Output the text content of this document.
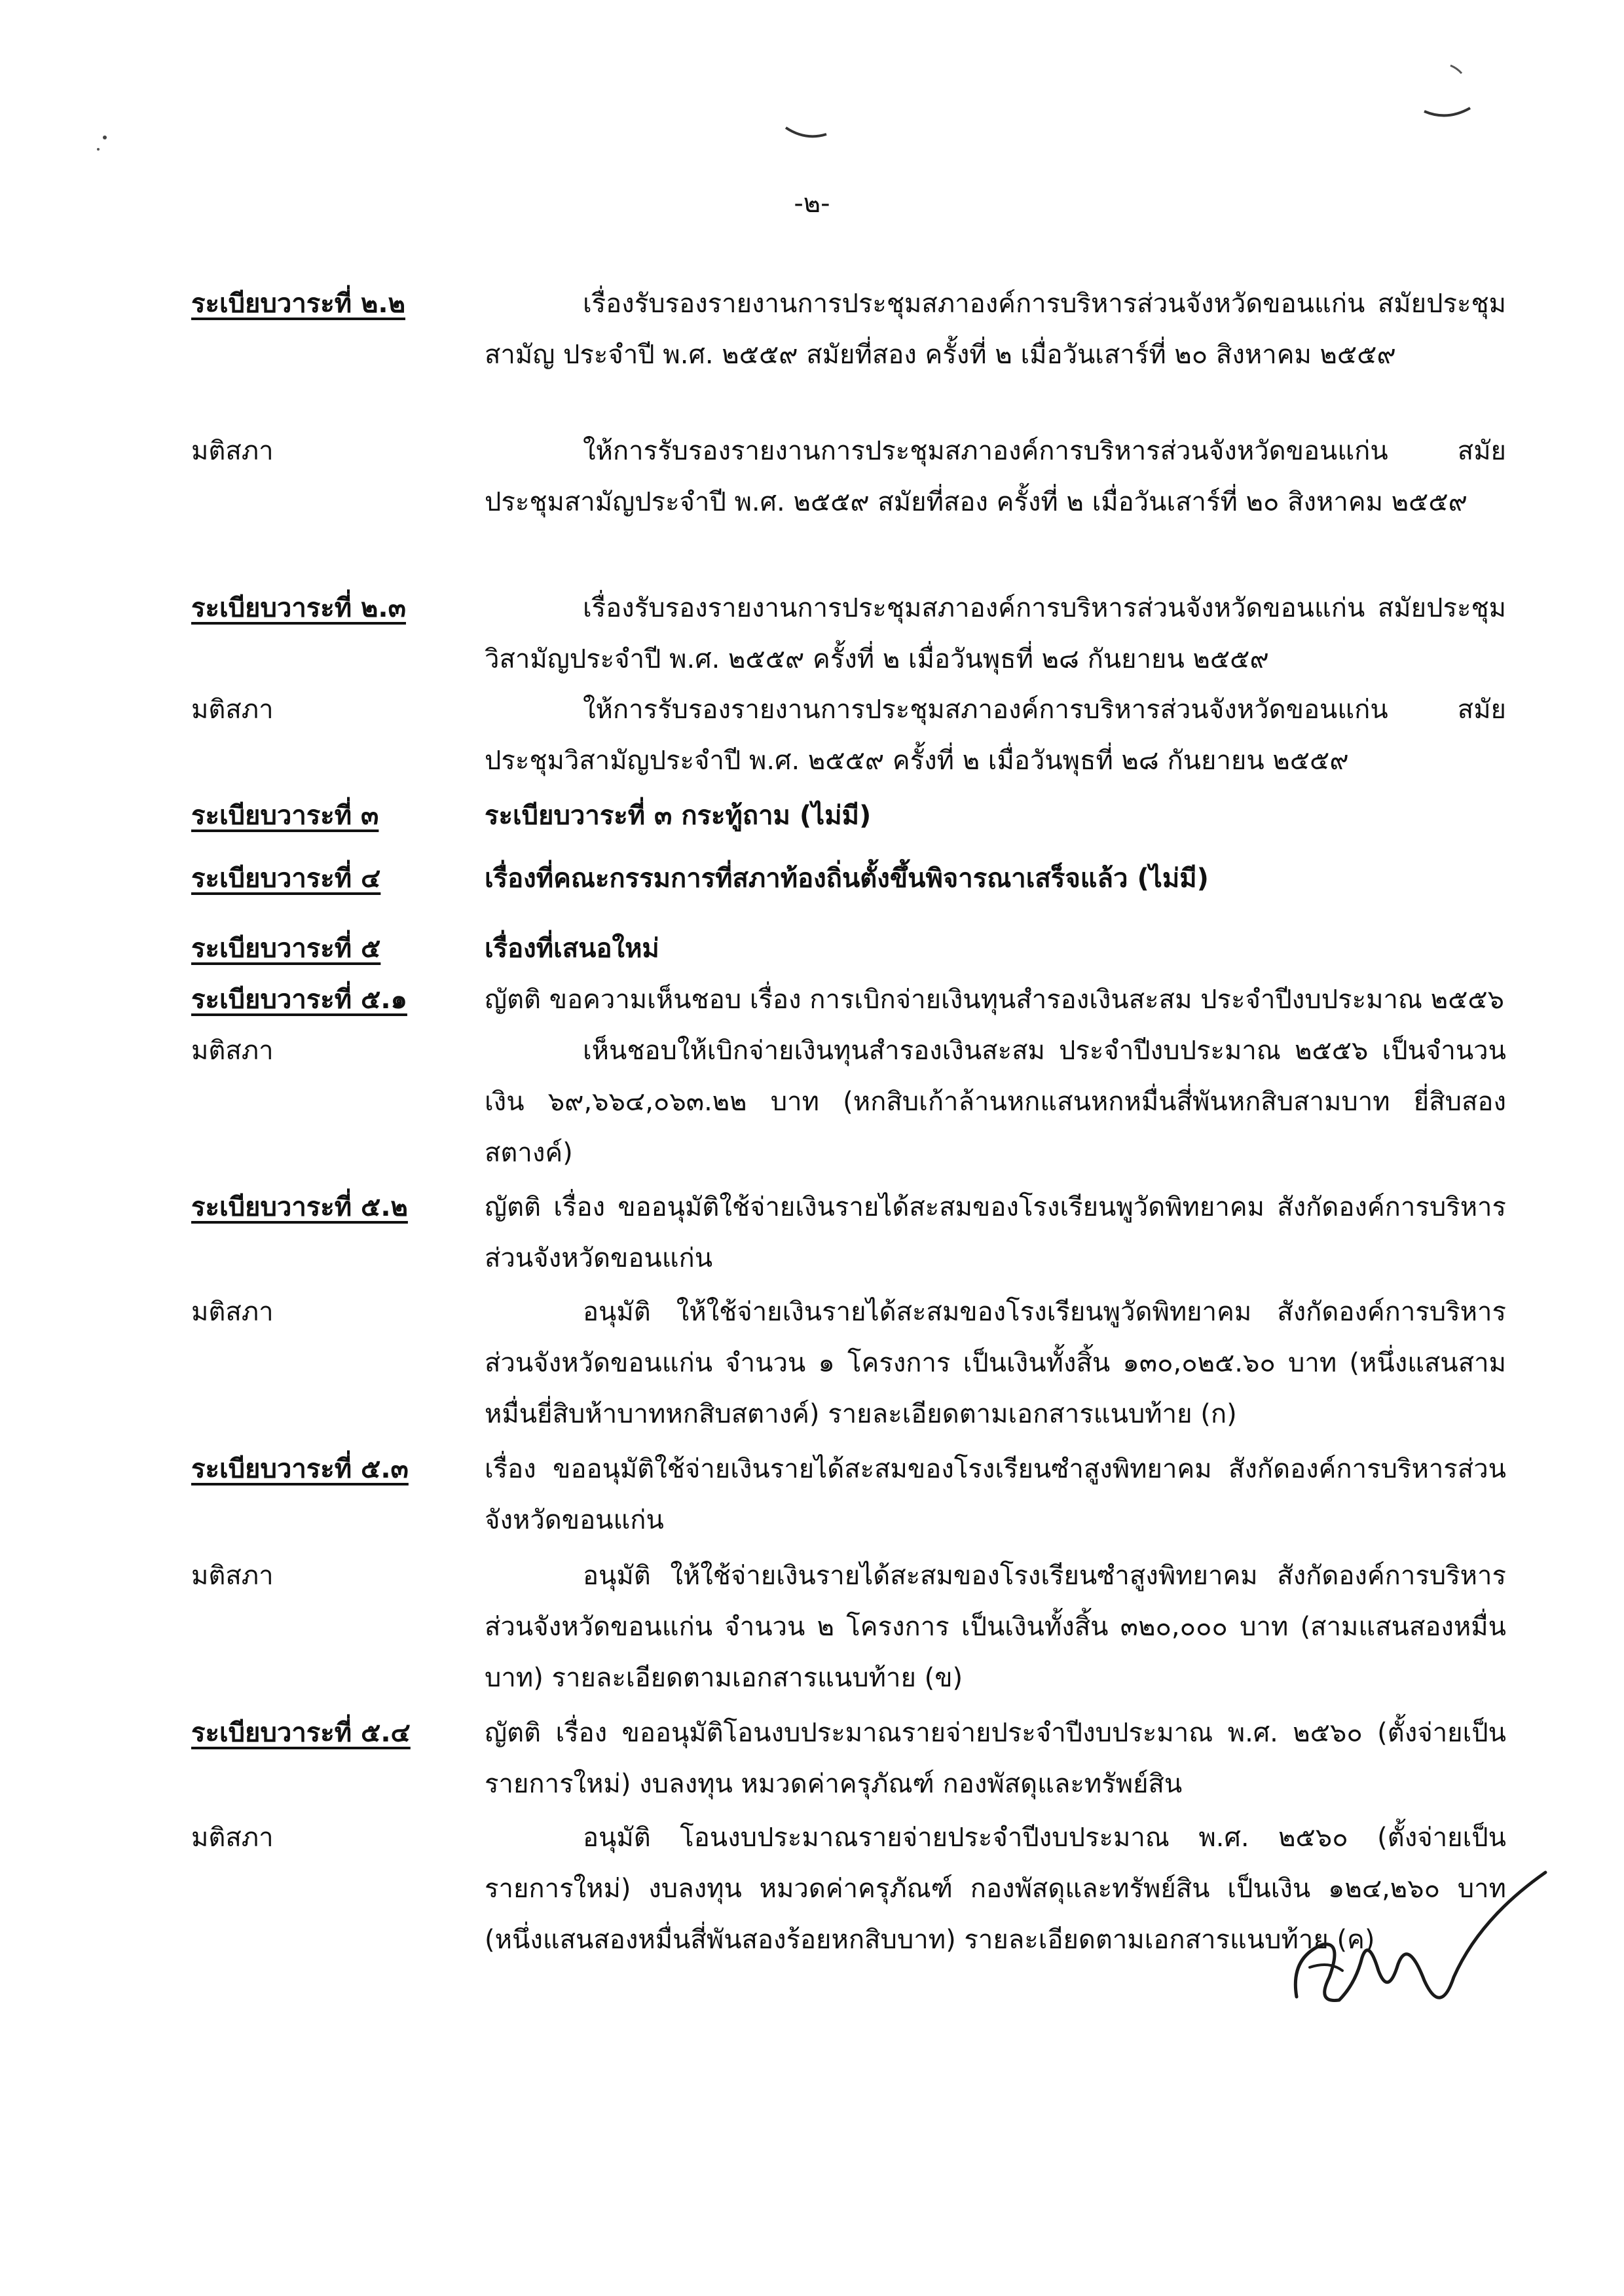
-๒-
ระเบียบวาระที่ ๒.๒	เรื่องรับรองรายงานการประชุมสภาองค์การบริหารส่วนจังหวัดขอนแก่น สมัยประชุมสามัญ ประจำปี พ.ศ. ๒๕๕๙ สมัยที่สอง ครั้งที่ ๒ เมื่อวันเสาร์ที่ ๒๐ สิงหาคม ๒๕๕๙
มติสภา	ให้การรับรองรายงานการประชุมสภาองค์การบริหารส่วนจังหวัดขอนแก่น สมัยประชุมสามัญประจำปี พ.ศ. ๒๕๕๙ สมัยที่สอง ครั้งที่ ๒ เมื่อวันเสาร์ที่ ๒๐ สิงหาคม ๒๕๕๙
ระเบียบวาระที่ ๒.๓	เรื่องรับรองรายงานการประชุมสภาองค์การบริหารส่วนจังหวัดขอนแก่น สมัยประชุมวิสามัญประจำปี พ.ศ. ๒๕๕๙ ครั้งที่ ๒ เมื่อวันพุธที่ ๒๘ กันยายน ๒๕๕๙
มติสภา	ให้การรับรองรายงานการประชุมสภาองค์การบริหารส่วนจังหวัดขอนแก่น สมัยประชุมวิสามัญประจำปี พ.ศ. ๒๕๕๙ ครั้งที่ ๒ เมื่อวันพุธที่ ๒๘ กันยายน ๒๕๕๙
ระเบียบวาระที่ ๓	ระเบียบวาระที่ ๓ กระทู้ถาม (ไม่มี)
ระเบียบวาระที่ ๔	เรื่องที่คณะกรรมการที่สภาท้องถิ่นตั้งขึ้นพิจารณาเสร็จแล้ว (ไม่มี)
ระเบียบวาระที่ ๕	เรื่องที่เสนอใหม่
ระเบียบวาระที่ ๕.๑	ญัตติ ขอความเห็นชอบ เรื่อง การเบิกจ่ายเงินทุนสำรองเงินสะสม ประจำปีงบประมาณ ๒๕๕๖
มติสภา	เห็นชอบให้เบิกจ่ายเงินทุนสำรองเงินสะสม ประจำปีงบประมาณ ๒๕๕๖ เป็นจำนวนเงิน ๖๙,๖๖๔,๐๖๓.๒๒ บาท (หกสิบเก้าล้านหกแสนหกหมื่นสี่พันหกสิบสามบาท ยี่สิบสองสตางค์)
ระเบียบวาระที่ ๕.๒	ญัตติ เรื่อง ขออนุมัติใช้จ่ายเงินรายได้สะสมของโรงเรียนพูวัดพิทยาคม สังกัดองค์การบริหารส่วนจังหวัดขอนแก่น
มติสภา	อนุมัติ ให้ใช้จ่ายเงินรายได้สะสมของโรงเรียนพูวัดพิทยาคม สังกัดองค์การบริหารส่วนจังหวัดขอนแก่น จำนวน ๑ โครงการ เป็นเงินทั้งสิ้น ๑๓๐,๐๒๕.๖๐ บาท (หนึ่งแสนสามหมื่นยี่สิบห้าบาทหกสิบสตางค์) รายละเอียดตามเอกสารแนบท้าย (ก)
ระเบียบวาระที่ ๕.๓	เรื่อง ขออนุมัติใช้จ่ายเงินรายได้สะสมของโรงเรียนซำสูงพิทยาคม สังกัดองค์การบริหารส่วนจังหวัดขอนแก่น
มติสภา	อนุมัติ ให้ใช้จ่ายเงินรายได้สะสมของโรงเรียนซำสูงพิทยาคม สังกัดองค์การบริหารส่วนจังหวัดขอนแก่น จำนวน ๒ โครงการ เป็นเงินทั้งสิ้น ๓๒๐,๐๐๐ บาท (สามแสนสองหมื่นบาท) รายละเอียดตามเอกสารแนบท้าย (ข)
ระเบียบวาระที่ ๕.๔	ญัตติ เรื่อง ขออนุมัติโอนงบประมาณรายจ่ายประจำปีงบประมาณ พ.ศ. ๒๕๖๐ (ตั้งจ่ายเป็นรายการใหม่) งบลงทุน หมวดค่าครุภัณฑ์ กองพัสดุและทรัพย์สิน
มติสภา	อนุมัติ โอนงบประมาณรายจ่ายประจำปีงบประมาณ พ.ศ. ๒๕๖๐ (ตั้งจ่ายเป็นรายการใหม่) งบลงทุน หมวดค่าครุภัณฑ์ กองพัสดุและทรัพย์สิน เป็นเงิน ๑๒๔,๒๖๐ บาท (หนึ่งแสนสองหมื่นสี่พันสองร้อยหกสิบบาท) รายละเอียดตามเอกสารแนบท้าย (ค)
